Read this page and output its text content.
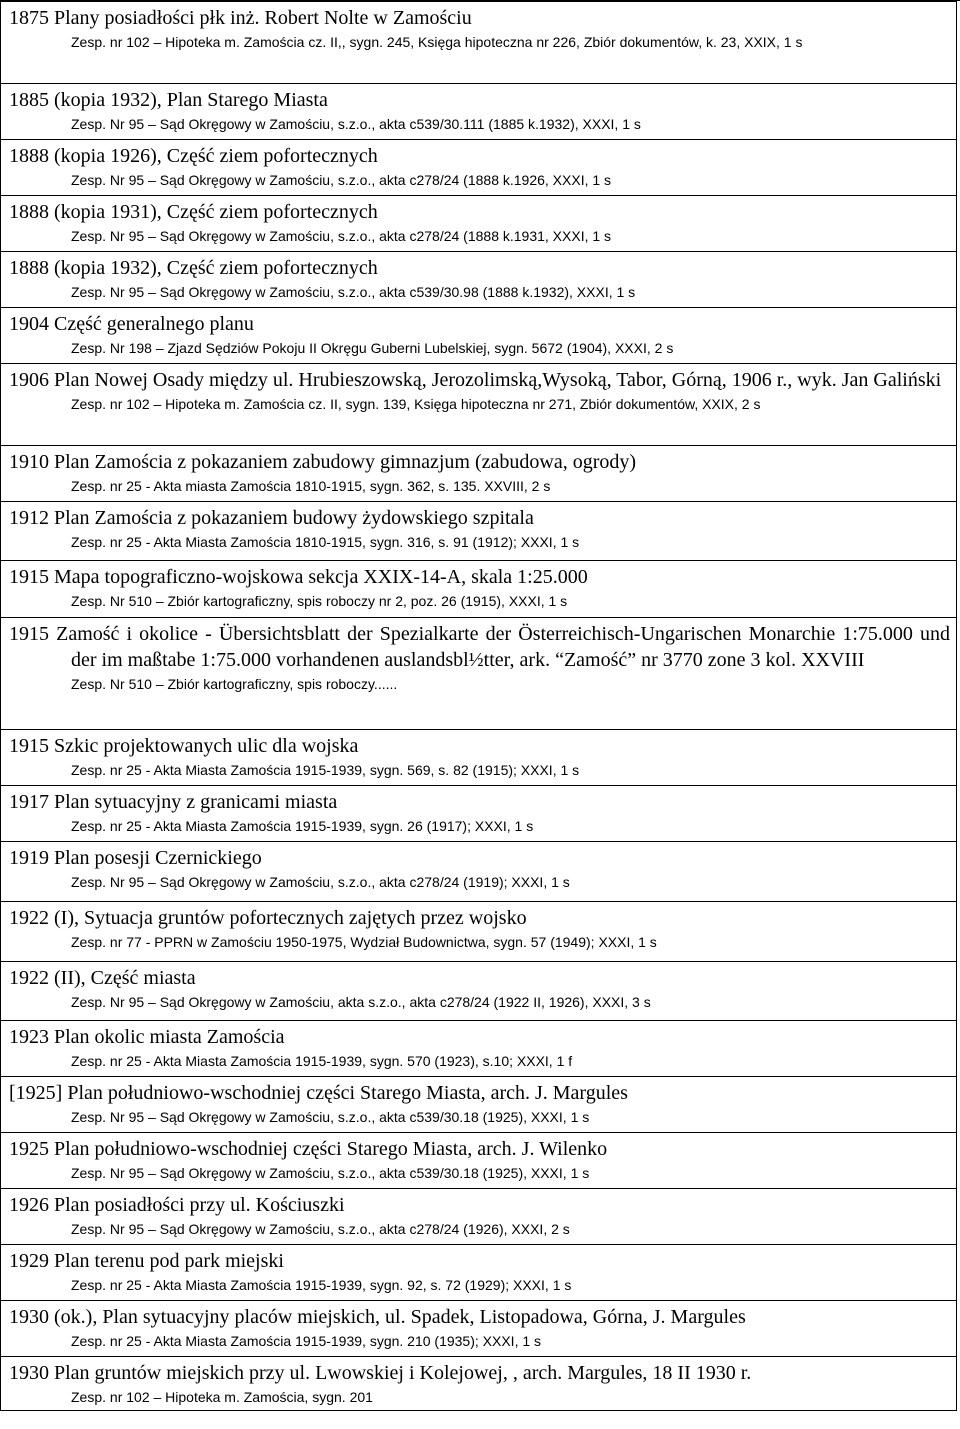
1875 Plany posiadłości płk inż. Robert Nolte w Zamościu
Zesp. nr 102 – Hipoteka m. Zamościa cz. II,, sygn. 245, Księga hipoteczna nr 226, Zbiór dokumentów, k. 23, XXIX, 1 s

1885 (kopia 1932), Plan Starego Miasta
Zesp. Nr 95 – Sąd Okręgowy w Zamościu, s.z.o., akta c539/30.111 (1885 k.1932), XXXI, 1 s

1888 (kopia 1926), Część ziem pofortecznych
Zesp. Nr 95 – Sąd Okręgowy w Zamościu, s.z.o., akta c278/24 (1888 k.1926, XXXI, 1 s

1888 (kopia 1931), Część ziem pofortecznych
Zesp. Nr 95 – Sąd Okręgowy w Zamościu, s.z.o., akta c278/24 (1888 k.1931, XXXI, 1 s

1888 (kopia 1932), Część ziem pofortecznych
Zesp. Nr 95 – Sąd Okręgowy w Zamościu, s.z.o., akta c539/30.98 (1888 k.1932), XXXI, 1 s

1904 Część generalnego planu
Zesp. Nr 198 – Zjazd Sędziów Pokoju II Okręgu Guberni Lubelskiej, sygn. 5672 (1904), XXXI, 2 s

1906 Plan Nowej Osady między ul. Hrubieszowską, Jerozolimską,Wysoką, Tabor, Górną, 1906 r., wyk. Jan Galiński
Zesp. nr 102 – Hipoteka m. Zamościa cz. II, sygn. 139, Księga hipoteczna nr 271, Zbiór dokumentów, XXIX, 2 s

1910 Plan Zamościa z pokazaniem zabudowy gimnazjum (zabudowa, ogrody)
Zesp. nr 25 - Akta miasta Zamościa 1810-1915, sygn. 362, s. 135. XXVIII, 2 s

1912 Plan Zamościa z pokazaniem budowy żydowskiego szpitala
Zesp. nr 25 - Akta Miasta Zamościa 1810-1915, sygn. 316, s. 91 (1912); XXXI, 1 s

1915 Mapa topograficzno-wojskowa sekcja XXIX-14-A, skala 1:25.000
Zesp. Nr 510 – Zbiór kartograficzny, spis roboczy nr 2, poz. 26 (1915), XXXI, 1 s

1915 Zamość i okolice - Übersichtsblatt der Spezialkarte der Österreichisch-Ungarischen Monarchie 1:75.000 und der im maßtabe 1:75.000 vorhandenen auslandsbl½tter, ark. “Zamość” nr 3770 zone 3 kol. XXVIII
Zesp. Nr 510 – Zbiór kartograficzny, spis roboczy......

1915 Szkic projektowanych ulic dla wojska
Zesp. nr 25 - Akta Miasta Zamościa 1915-1939, sygn. 569, s. 82 (1915); XXXI, 1 s

1917 Plan sytuacyjny z granicami miasta
Zesp. nr 25 - Akta Miasta Zamościa 1915-1939, sygn. 26 (1917); XXXI, 1 s

1919 Plan posesji Czernickiego
Zesp. Nr 95 – Sąd Okręgowy w Zamościu, s.z.o., akta c278/24 (1919); XXXI, 1 s

1922 (I), Sytuacja gruntów pofortecznych zajętych przez wojsko
Zesp. nr 77 - PPRN w Zamościu 1950-1975, Wydział Budownictwa, sygn. 57 (1949); XXXI, 1 s

1922 (II), Część miasta
Zesp. Nr 95 – Sąd Okręgowy w Zamościu, akta s.z.o., akta c278/24 (1922 II, 1926), XXXI, 3 s

1923 Plan okolic miasta Zamościa
Zesp. nr 25 - Akta Miasta Zamościa 1915-1939, sygn. 570 (1923), s.10; XXXI, 1 f

[1925] Plan południowo-wschodniej części Starego Miasta, arch. J. Margules
Zesp. Nr 95 – Sąd Okręgowy w Zamościu, s.z.o., akta c539/30.18 (1925), XXXI, 1 s

1925 Plan południowo-wschodniej części Starego Miasta, arch. J. Wilenko
Zesp. Nr 95 – Sąd Okręgowy w Zamościu, s.z.o., akta c539/30.18 (1925), XXXI, 1 s

1926 Plan posiadłości przy ul. Kościuszki
Zesp. Nr 95 – Sąd Okręgowy w Zamościu, s.z.o., akta c278/24 (1926), XXXI, 2 s

1929 Plan terenu pod park miejski
Zesp. nr 25 - Akta Miasta Zamościa 1915-1939, sygn. 92, s. 72 (1929); XXXI, 1 s

1930 (ok.), Plan sytuacyjny placów miejskich, ul. Spadek, Listopadowa, Górna, J. Margules
Zesp. nr 25 - Akta Miasta Zamościa 1915-1939, sygn. 210 (1935); XXXI, 1 s

1930 Plan gruntów miejskich przy ul. Lwowskiej i Kolejowej, , arch. Margules, 18 II 1930 r.
Zesp. nr 102 – Hipoteka m. Zamościa, sygn. 201
